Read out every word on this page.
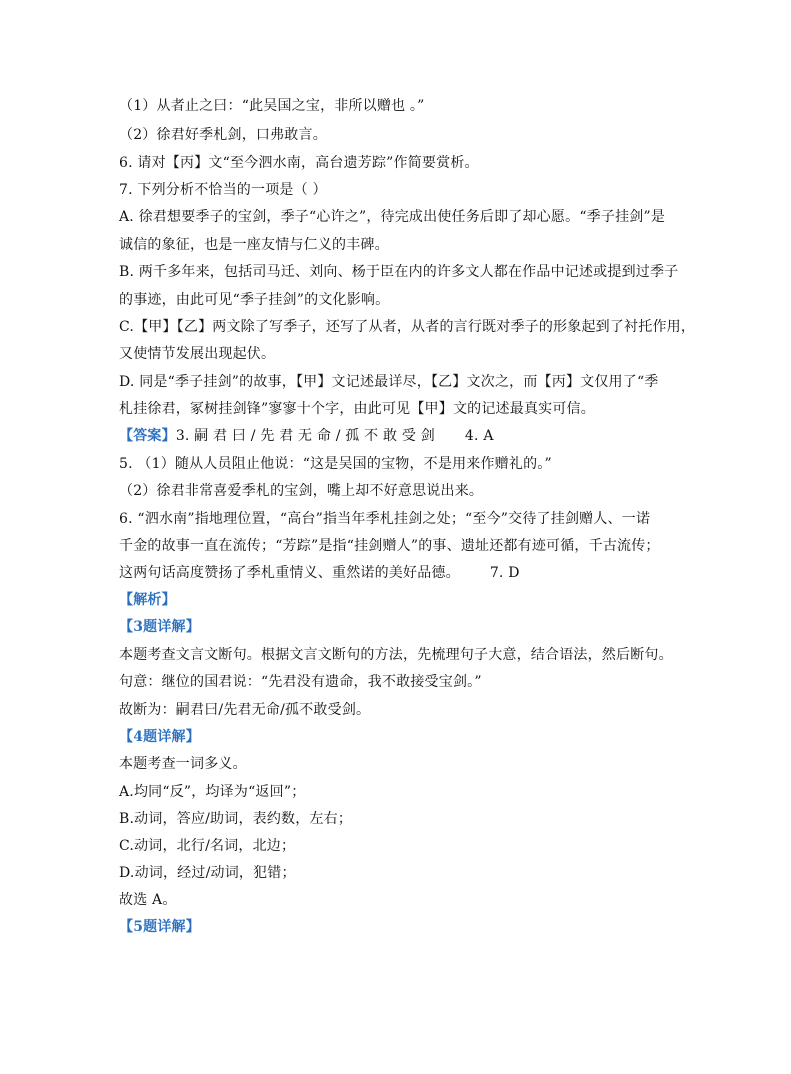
（1）从者止之曰：“此吴国之宝，非所以赠也 。”
（2）徐君好季札剑，口弗敢言。
6. 请对【丙】文“至今泗水南，高台遗芳踪”作简要赏析。
7. 下列分析不恰当的一项是（ ）
A. 徐君想要季子的宝剑，季子“心许之”，待完成出使任务后即了却心愿。“季子挂剑”是
诚信的象征，也是一座友情与仁义的丰碑。
B. 两千多年来，包括司马迁、刘向、杨于臣在内的许多文人都在作品中记述或提到过季子
的事迹，由此可见“季子挂剑”的文化影响。
C.【甲】【乙】两文除了写季子，还写了从者，从者的言行既对季子的形象起到了衬托作用，
又使情节发展出现起伏。
D. 同是“季子挂剑”的故事，【甲】文记述最详尽，【乙】文次之，而【丙】文仅用了“季
札挂徐君，冢树挂剑锋”寥寥十个字，由此可见【甲】文的记述最真实可信。
【答案】3. 嗣 君 曰 / 先 君 无 命 / 孤 不 敢 受 剑 4. A
5. （1）随从人员阻止他说：“这是吴国的宝物，不是用来作赠礼的。”
（2）徐君非常喜爱季札的宝剑，嘴上却不好意思说出来。
6. “泗水南”指地理位置，“高台”指当年季札挂剑之处；“至今”交待了挂剑赠人、一诺
千金的故事一直在流传；“芳踪”是指“挂剑赠人”的事、遗址还都有迹可循，千古流传；
这两句话高度赞扬了季札重情义、重然诺的美好品德。 7. D
【解析】
【3题详解】
本题考查文言文断句。根据文言文断句的方法，先梳理句子大意，结合语法，然后断句。
句意：继位的国君说：“先君没有遗命，我不敢接受宝剑。”
故断为：嗣君曰/先君无命/孤不敢受剑。
【4题详解】
本题考查一词多义。
A.均同“反”，均译为“返回”；
B.动词，答应/助词，表约数，左右；
C.动词，北行/名词，北边；
D.动词，经过/动词，犯错；
故选 A。
【5题详解】
